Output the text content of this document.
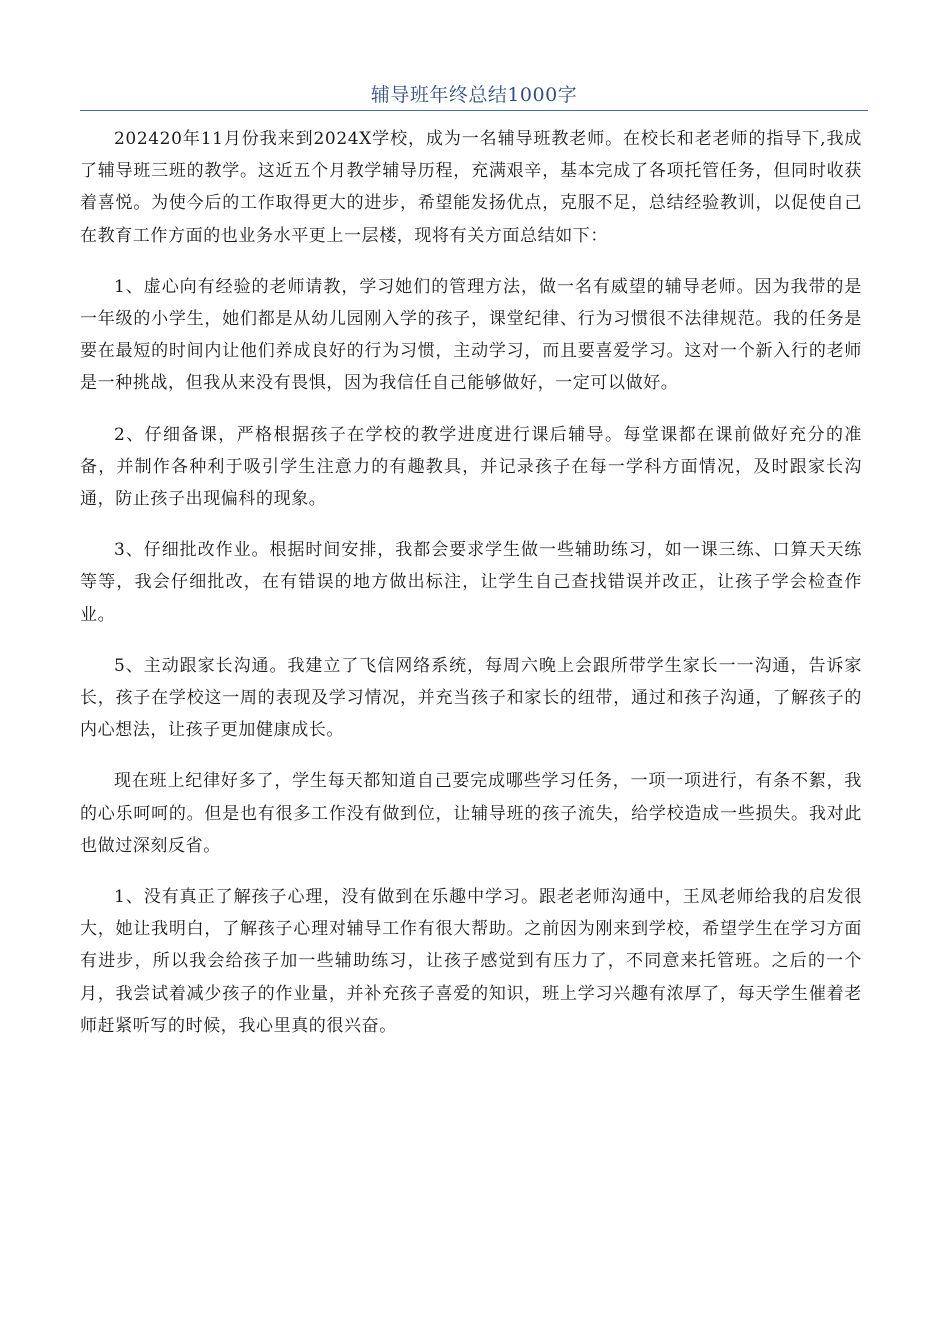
辅导班年终总结1000字

202420年11月份我来到2024X学校，成为一名辅导班教老师。在校长和老老师的指导下,我成了辅导班三班的教学。这近五个月教学辅导历程，充满艰辛，基本完成了各项托管任务，但同时收获着喜悦。为使今后的工作取得更大的进步，希望能发扬优点，克服不足，总结经验教训，以促使自己在教育工作方面的也业务水平更上一层楼，现将有关方面总结如下：

1、虚心向有经验的老师请教，学习她们的管理方法，做一名有威望的辅导老师。因为我带的是一年级的小学生，她们都是从幼儿园刚入学的孩子，课堂纪律、行为习惯很不法律规范。我的任务是要在最短的时间内让他们养成良好的行为习惯，主动学习，而且要喜爱学习。这对一个新入行的老师是一种挑战，但我从来没有畏惧，因为我信任自己能够做好，一定可以做好。

2、仔细备课，严格根据孩子在学校的教学进度进行课后辅导。每堂课都在课前做好充分的准备，并制作各种利于吸引学生注意力的有趣教具，并记录孩子在每一学科方面情况，及时跟家长沟通，防止孩子出现偏科的现象。

3、仔细批改作业。根据时间安排，我都会要求学生做一些辅助练习，如一课三练、口算天天练等等，我会仔细批改，在有错误的地方做出标注，让学生自己查找错误并改正，让孩子学会检查作业。

5、主动跟家长沟通。我建立了飞信网络系统，每周六晚上会跟所带学生家长一一沟通，告诉家长，孩子在学校这一周的表现及学习情况，并充当孩子和家长的纽带，通过和孩子沟通，了解孩子的内心想法，让孩子更加健康成长。

现在班上纪律好多了，学生每天都知道自己要完成哪些学习任务，一项一项进行，有条不絮，我的心乐呵呵的。但是也有很多工作没有做到位，让辅导班的孩子流失，给学校造成一些损失。我对此也做过深刻反省。

1、没有真正了解孩子心理，没有做到在乐趣中学习。跟老老师沟通中，王凤老师给我的启发很大，她让我明白，了解孩子心理对辅导工作有很大帮助。之前因为刚来到学校，希望学生在学习方面有进步，所以我会给孩子加一些辅助练习，让孩子感觉到有压力了，不同意来托管班。之后的一个月，我尝试着减少孩子的作业量，并补充孩子喜爱的知识，班上学习兴趣有浓厚了，每天学生催着老师赶紧听写的时候，我心里真的很兴奋。
